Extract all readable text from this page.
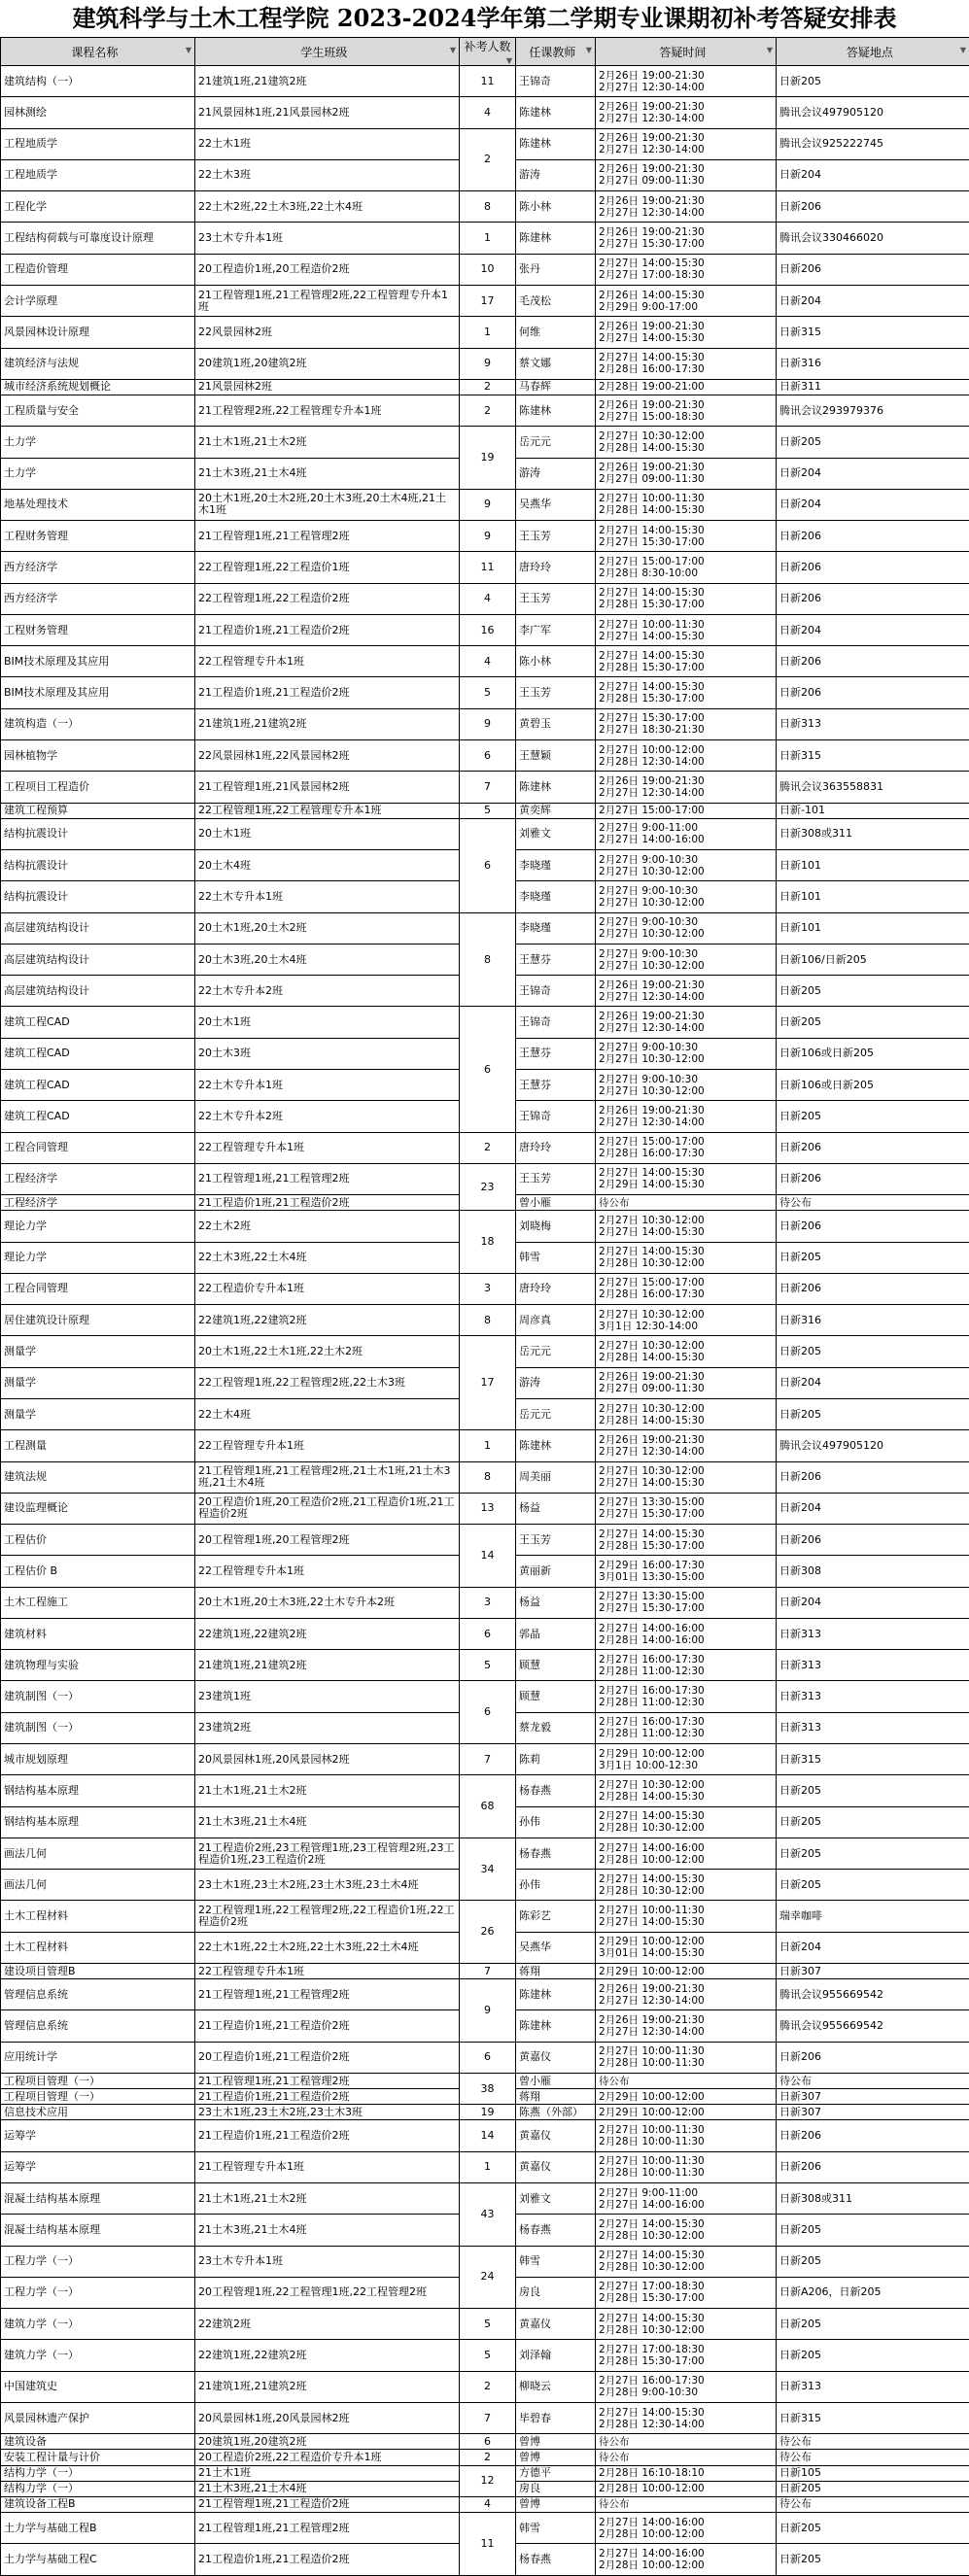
建筑科学与土木工程学院 2023-2024学年第二学期专业课期初补考答疑安排表
课程名称 ▼	学生班级 ▼	补考人数
▼	任课教师 ▼	答疑时间 ▼	答疑地点 ▼

建筑结构（一）	21建筑1班,21建筑2班	11	王锦奇	2月26日 19:00-21:30
2月27日 12:30-14:00	日新205
园林测绘	21风景园林1班,21风景园林2班	4	陈建林	2月26日 19:00-21:30
2月27日 12:30-14:00	腾讯会议497905120
工程地质学	22土木1班	2	陈建林	2月26日 19:00-21:30
2月27日 12:30-14:00	腾讯会议925222745
工程地质学	22土木3班		游涛	2月26日 19:00-21:30
2月27日 09:00-11:30	日新204
工程化学	22土木2班,22土木3班,22土木4班	8	陈小林	2月26日 19:00-21:30
2月27日 12:30-14:00	日新206
工程结构荷载与可靠度设计原理	23土木专升本1班	1	陈建林	2月26日 19:00-21:30
2月27日 15:30-17:00	腾讯会议330466020
工程造价管理	20工程造价1班,20工程造价2班	10	张丹	2月27日 14:00-15:30
2月27日 17:00-18:30	日新206
会计学原理	21工程管理1班,21工程管理2班,22工程管理专升本1班	17	毛茂松	2月26日 14:00-15:30
2月29日 9:00-17:00	日新204
风景园林设计原理	22风景园林2班	1	何维	2月26日 19:00-21:30
2月27日 14:00-15:30	日新315
建筑经济与法规	20建筑1班,20建筑2班	9	蔡文娜	2月27日 14:00-15:30
2月28日 16:00-17:30	日新316
城市经济系统规划概论	21风景园林2班	2	马春辉	2月28日 19:00-21:00	日新311
工程质量与安全	21工程管理2班,22工程管理专升本1班	2	陈建林	2月26日 19:00-21:30
2月27日 15:00-18:30	腾讯会议293979376
土力学	21土木1班,21土木2班	19	岳元元	2月27日 10:30-12:00
2月28日 14:00-15:30	日新205
土力学	21土木3班,21土木4班		游涛	2月26日 19:00-21:30
2月27日 09:00-11:30	日新204
地基处理技术	20土木1班,20土木2班,20土木3班,20土木4班,21土木1班	9	吴燕华	2月27日 10:00-11:30
2月28日 14:00-15:30	日新204
工程财务管理	21工程管理1班,21工程管理2班	9	王玉芳	2月27日 14:00-15:30
2月27日 15:30-17:00	日新206
西方经济学	22工程管理1班,22工程造价1班	11	唐玲玲	2月27日 15:00-17:00
2月28日 8:30-10:00	日新206
西方经济学	22工程管理1班,22工程造价2班	4	王玉芳	2月27日 14:00-15:30
2月28日 15:30-17:00	日新206
工程财务管理	21工程造价1班,21工程造价2班	16	李广军	2月27日 10:00-11:30
2月27日 14:00-15:30	日新204
BIM技术原理及其应用	22工程管理专升本1班	4	陈小林	2月27日 14:00-15:30
2月28日 15:30-17:00	日新206
BIM技术原理及其应用	21工程造价1班,21工程造价2班	5	王玉芳	2月27日 14:00-15:30
2月28日 15:30-17:00	日新206
建筑构造（一）	21建筑1班,21建筑2班	9	黄碧玉	2月27日 15:30-17:00
2月27日 18:30-21:30	日新313
园林植物学	22风景园林1班,22风景园林2班	6	王慧颖	2月27日 10:00-12:00
2月28日 12:30-14:00	日新315
工程项目工程造价	21工程管理1班,21风景园林2班	7	陈建林	2月26日 19:00-21:30
2月27日 12:30-14:00	腾讯会议363558831
建筑工程预算	22工程管理1班,22工程管理专升本1班	5	黄奕辉	2月27日 15:00-17:00	日新-101
结构抗震设计	20土木1班	6	刘雅文	2月27日 9:00-11:00
2月27日 14:00-16:00	日新308或311
结构抗震设计	20土木4班		李晓瑾	2月27日 9:00-10:30
2月27日 10:30-12:00	日新101
结构抗震设计	22土木专升本1班		李晓瑾	2月27日 9:00-10:30
2月27日 10:30-12:00	日新101
高层建筑结构设计	20土木1班,20土木2班	8	李晓瑾	2月27日 9:00-10:30
2月27日 10:30-12:00	日新101
高层建筑结构设计	20土木3班,20土木4班		王慧芬	2月27日 9:00-10:30
2月27日 10:30-12:00	日新106/日新205
高层建筑结构设计	22土木专升本2班		王锦奇	2月26日 19:00-21:30
2月27日 12:30-14:00	日新205
建筑工程CAD	20土木1班	6	王锦奇	2月26日 19:00-21:30
2月27日 12:30-14:00	日新205
建筑工程CAD	20土木3班		王慧芬	2月27日 9:00-10:30
2月27日 10:30-12:00	日新106或日新205
建筑工程CAD	22土木专升本1班		王慧芬	2月27日 9:00-10:30
2月27日 10:30-12:00	日新106或日新205
建筑工程CAD	22土木专升本2班		王锦奇	2月26日 19:00-21:30
2月27日 12:30-14:00	日新205
工程合同管理	22工程管理专升本1班	2	唐玲玲	2月27日 15:00-17:00
2月28日 16:00-17:30	日新206
工程经济学	21工程管理1班,21工程管理2班	23	王玉芳	2月27日 14:00-15:30
2月29日 14:00-15:30	日新206
工程经济学	21工程造价1班,21工程造价2班		曾小雁	待公布	待公布
理论力学	22土木2班	18	刘晓梅	2月27日 10:30-12:00
2月27日 14:00-15:30	日新206
理论力学	22土木3班,22土木4班		韩雪	2月27日 14:00-15:30
2月28日 10:30-12:00	日新205
工程合同管理	22工程造价专升本1班	3	唐玲玲	2月27日 15:00-17:00
2月28日 16:00-17:30	日新206
居住建筑设计原理	22建筑1班,22建筑2班	8	周彦真	2月27日 10:30-12:00
3月1日 12:30-14:00	日新316
测量学	20土木1班,22土木1班,22土木2班	17	岳元元	2月27日 10:30-12:00
2月28日 14:00-15:30	日新205
测量学	22工程管理1班,22工程管理2班,22土木3班		游涛	2月26日 19:00-21:30
2月27日 09:00-11:30	日新204
测量学	22土木4班		岳元元	2月27日 10:30-12:00
2月28日 14:00-15:30	日新205
工程测量	22工程管理专升本1班	1	陈建林	2月26日 19:00-21:30
2月27日 12:30-14:00	腾讯会议497905120
建筑法规	21工程管理1班,21工程管理2班,21土木1班,21土木3班,21土木4班	8	周美丽	2月27日 10:30-12:00
2月27日 14:00-15:30	日新206
建设监理概论	20工程造价1班,20工程造价2班,21工程造价1班,21工程造价2班	13	杨益	2月27日 13:30-15:00
2月27日 15:30-17:00	日新204
工程估价	20工程管理1班,20工程管理2班	14	王玉芳	2月27日 14:00-15:30
2月28日 15:30-17:00	日新206
工程估价 B	22工程管理专升本1班		黄丽新	2月29日 16:00-17:30
3月01日 13:30-15:00	日新308
土木工程施工	20土木1班,20土木3班,22土木专升本2班	3	杨益	2月27日 13:30-15:00
2月27日 15:30-17:00	日新204
建筑材料	22建筑1班,22建筑2班	6	郭晶	2月27日 14:00-16:00
2月28日 14:00-16:00	日新313
建筑物理与实验	21建筑1班,21建筑2班	5	顾慧	2月27日 16:00-17:30
2月28日 11:00-12:30	日新313
建筑制图（一）	23建筑1班	6	顾慧	2月27日 16:00-17:30
2月28日 11:00-12:30	日新313
建筑制图（一）	23建筑2班		蔡龙毅	2月27日 16:00-17:30
2月28日 11:00-12:30	日新313
城市规划原理	20风景园林1班,20风景园林2班	7	陈莉	2月29日 10:00-12:00
3月1日 10:00-12:30	日新315
钢结构基本原理	21土木1班,21土木2班	68	杨春燕	2月27日 10:30-12:00
2月28日 14:00-15:30	日新205
钢结构基本原理	21土木3班,21土木4班		孙伟	2月27日 14:00-15:30
2月28日 10:30-12:00	日新205
画法几何	21工程造价2班,23工程管理1班,23工程管理2班,23工程造价1班,23工程造价2班	34	杨春燕	2月27日 14:00-16:00
2月28日 10:00-12:00	日新205
画法几何	23土木1班,23土木2班,23土木3班,23土木4班		孙伟	2月27日 14:00-15:30
2月28日 10:30-12:00	日新205
土木工程材料	22工程管理1班,22工程管理2班,22工程造价1班,22工程造价2班	26	陈彩艺	2月27日 10:00-11:30
2月27日 14:00-15:30	瑞幸咖啡
土木工程材料	22土木1班,22土木2班,22土木3班,22土木4班		吴燕华	2月29日 10:00-12:00
3月01日 14:00-15:30	日新204
建设项目管理B	22工程管理专升本1班	7	蒋翔	2月29日 10:00-12:00	日新307
管理信息系统	21工程管理1班,21工程管理2班	9	陈建林	2月26日 19:00-21:30
2月27日 12:30-14:00	腾讯会议955669542
管理信息系统	21工程造价1班,21工程造价2班		陈建林	2月26日 19:00-21:30
2月27日 12:30-14:00	腾讯会议955669542
应用统计学	20工程造价1班,21工程造价2班	6	黄嘉仪	2月27日 10:00-11:30
2月28日 10:00-11:30	日新206
工程项目管理（一）	21工程管理1班,21工程管理2班	38	曾小雁	待公布	待公布
工程项目管理（一）	21工程造价1班,21工程造价2班		蒋翔	2月29日 10:00-12:00	日新307
信息技术应用	23土木1班,23土木2班,23土木3班	19	陈燕（外部）	2月29日 10:00-12:00	日新307
运筹学	21工程造价1班,21工程造价2班	14	黄嘉仪	2月27日 10:00-11:30
2月28日 10:00-11:30	日新206
运筹学	21工程管理专升本1班	1	黄嘉仪	2月27日 10:00-11:30
2月28日 10:00-11:30	日新206
混凝土结构基本原理	21土木1班,21土木2班	43	刘雅文	2月27日 9:00-11:00
2月27日 14:00-16:00	日新308或311
混凝土结构基本原理	21土木3班,21土木4班		杨春燕	2月27日 14:00-15:30
2月28日 10:30-12:00	日新205
工程力学（一）	23土木专升本1班	24	韩雪	2月27日 14:00-15:30
2月28日 10:30-12:00	日新205
工程力学（一）	20工程管理1班,22工程管理1班,22工程管理2班		房良	2月27日 17:00-18:30
2月28日 15:30-17:00	日新A206，日新205
建筑力学（一）	22建筑2班	5	黄嘉仪	2月27日 14:00-15:30
2月28日 10:30-12:00	日新205
建筑力学（一）	22建筑1班,22建筑2班	5	刘泽翰	2月27日 17:00-18:30
2月28日 15:30-17:00	日新205
中国建筑史	21建筑1班,21建筑2班	2	柳晓云	2月27日 16:00-17:30
2月28日 9:00-10:30	日新313
风景园林遗产保护	20风景园林1班,20风景园林2班	7	毕碧春	2月27日 14:00-15:30
2月28日 12:30-14:00	日新315
建筑设备	20建筑1班,20建筑2班	6	曾博	待公布	待公布
安装工程计量与计价	20工程造价2班,22工程造价专升本1班	2	曾博	待公布	待公布
结构力学（一）	21土木1班	12	方德平	2月28日 16:10-18:10	日新105
结构力学（一）	21土木3班,21土木4班		房良	2月28日 10:00-12:00	日新205
建筑设备工程B	21工程管理1班,21工程造价2班	4	曾博	待公布	待公布
土力学与基础工程B	21工程管理1班,21工程管理2班	11	韩雪	2月27日 14:00-16:00
2月28日 10:00-12:00	日新205
土力学与基础工程C	21工程造价1班,21工程造价2班		杨春燕	2月27日 14:00-16:00
2月28日 10:00-12:00	日新205
